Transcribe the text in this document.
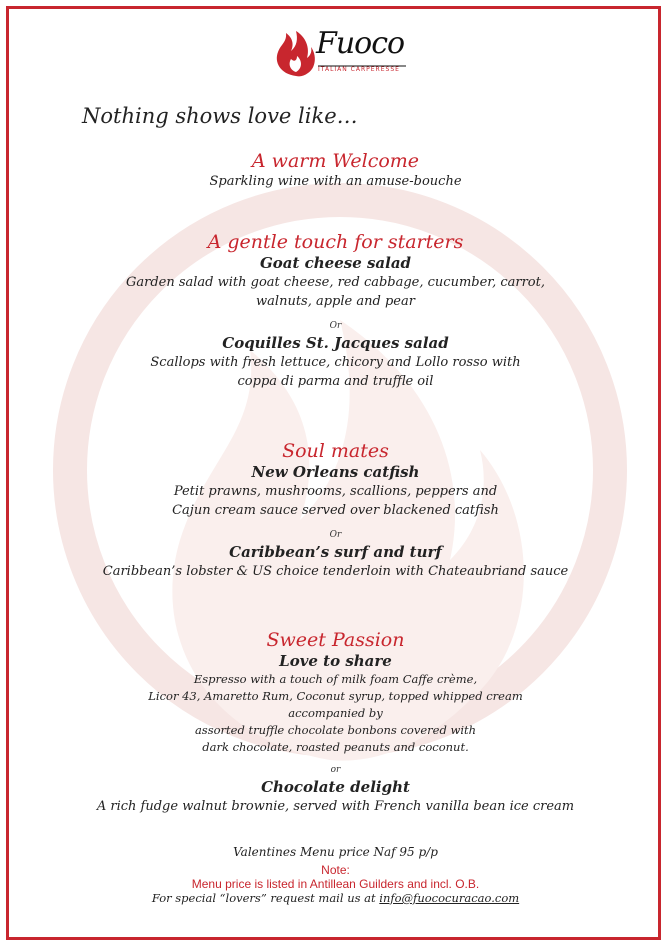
Fuoco
ITALIAN CARPERESSE
Nothing shows love like…
A warm Welcome
Sparkling wine with an amuse-bouche
A gentle touch for starters
Goat cheese salad
Garden salad with goat cheese, red cabbage, cucumber, carrot,
walnuts, apple and pear
Or
Coquilles St. Jacques salad
Scallops with fresh lettuce, chicory and Lollo rosso with
coppa di parma and truffle oil
Soul mates
New Orleans catfish
Petit prawns, mushrooms, scallions, peppers and
Cajun cream sauce served over blackened catfish
Or
Caribbean’s surf and turf
Caribbean’s lobster & US choice tenderloin with Chateaubriand sauce
Sweet Passion
Love to share
Espresso with a touch of milk foam Caffe crème,
Licor 43, Amaretto Rum, Coconut syrup, topped whipped cream
accompanied by
assorted truffle chocolate bonbons covered with
dark chocolate, roasted peanuts and coconut.
or
Chocolate delight
A rich fudge walnut brownie, served with French vanilla bean ice cream
Valentines Menu price Naf 95 p/p
Note:
Menu price is listed in Antillean Guilders and incl. O.B.
For special “lovers” request mail us at info@fuococuracao.com
